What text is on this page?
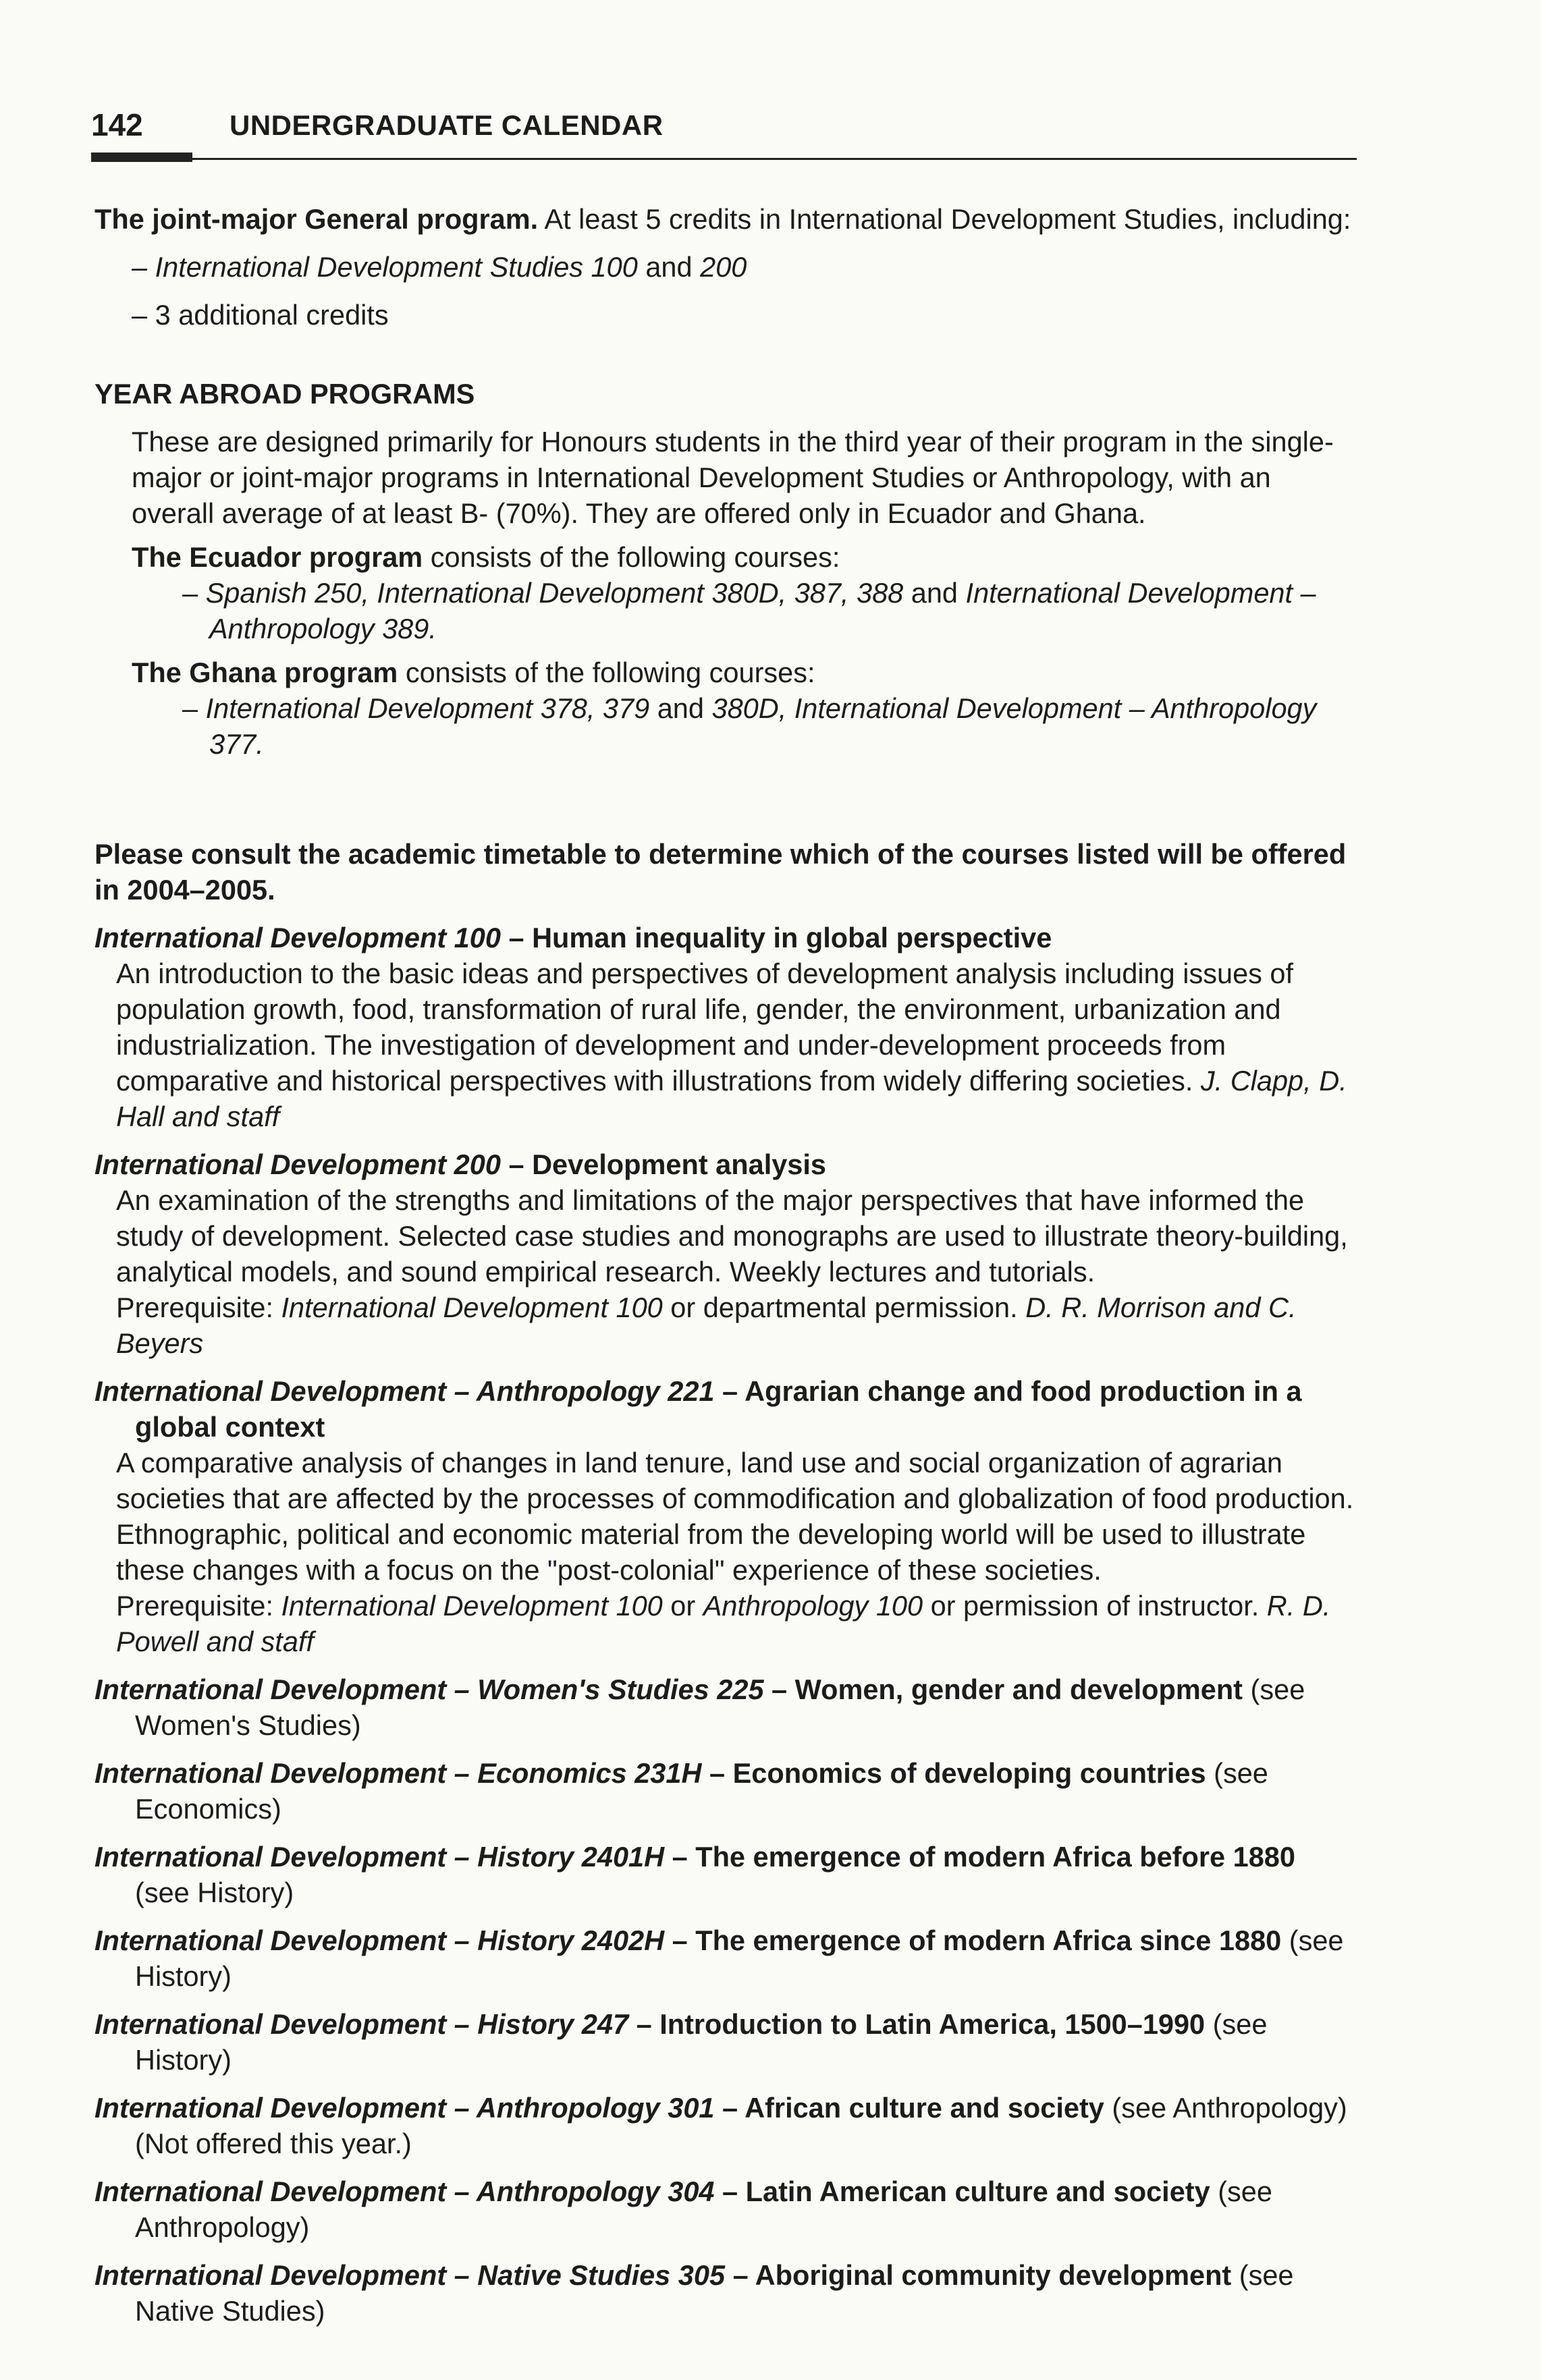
142	UNDERGRADUATE CALENDAR

The joint-major General program. At least 5 credits in International Development Studies, including:

– International Development Studies 100 and 200

– 3 additional credits

YEAR ABROAD PROGRAMS

These are designed primarily for Honours students in the third year of their program in the single-major or joint-major programs in International Development Studies or Anthropology, with an overall average of at least B- (70%). They are offered only in Ecuador and Ghana.

The Ecuador program consists of the following courses:

– Spanish 250, International Development 380D, 387, 388 and International Development – Anthropology 389.

The Ghana program consists of the following courses:

– International Development 378, 379 and 380D, International Development – Anthropology 377.

Please consult the academic timetable to determine which of the courses listed will be offered in 2004–2005.

International Development 100 – Human inequality in global perspective

An introduction to the basic ideas and perspectives of development analysis including issues of population growth, food, transformation of rural life, gender, the environment, urbanization and industrialization. The investigation of development and under-development proceeds from comparative and historical perspectives with illustrations from widely differing societies. J. Clapp, D. Hall and staff

International Development 200 – Development analysis

An examination of the strengths and limitations of the major perspectives that have informed the study of development. Selected case studies and monographs are used to illustrate theory-building, analytical models, and sound empirical research. Weekly lectures and tutorials.

Prerequisite: International Development 100 or departmental permission. D. R. Morrison and C. Beyers

International Development – Anthropology 221 – Agrarian change and food production in a global context

A comparative analysis of changes in land tenure, land use and social organization of agrarian societies that are affected by the processes of commodification and globalization of food production. Ethnographic, political and economic material from the developing world will be used to illustrate these changes with a focus on the "post-colonial" experience of these societies.

Prerequisite: International Development 100 or Anthropology 100 or permission of instructor. R. D. Powell and staff

International Development – Women's Studies 225 – Women, gender and development (see Women's Studies)

International Development – Economics 231H – Economics of developing countries (see Economics)

International Development – History 2401H – The emergence of modern Africa before 1880 (see History)

International Development – History 2402H – The emergence of modern Africa since 1880 (see History)

International Development – History 247 – Introduction to Latin America, 1500–1990 (see History)

International Development – Anthropology 301 – African culture and society (see Anthropology) (Not offered this year.)

International Development – Anthropology 304 – Latin American culture and society (see Anthropology)

International Development – Native Studies 305 – Aboriginal community development (see Native Studies)
